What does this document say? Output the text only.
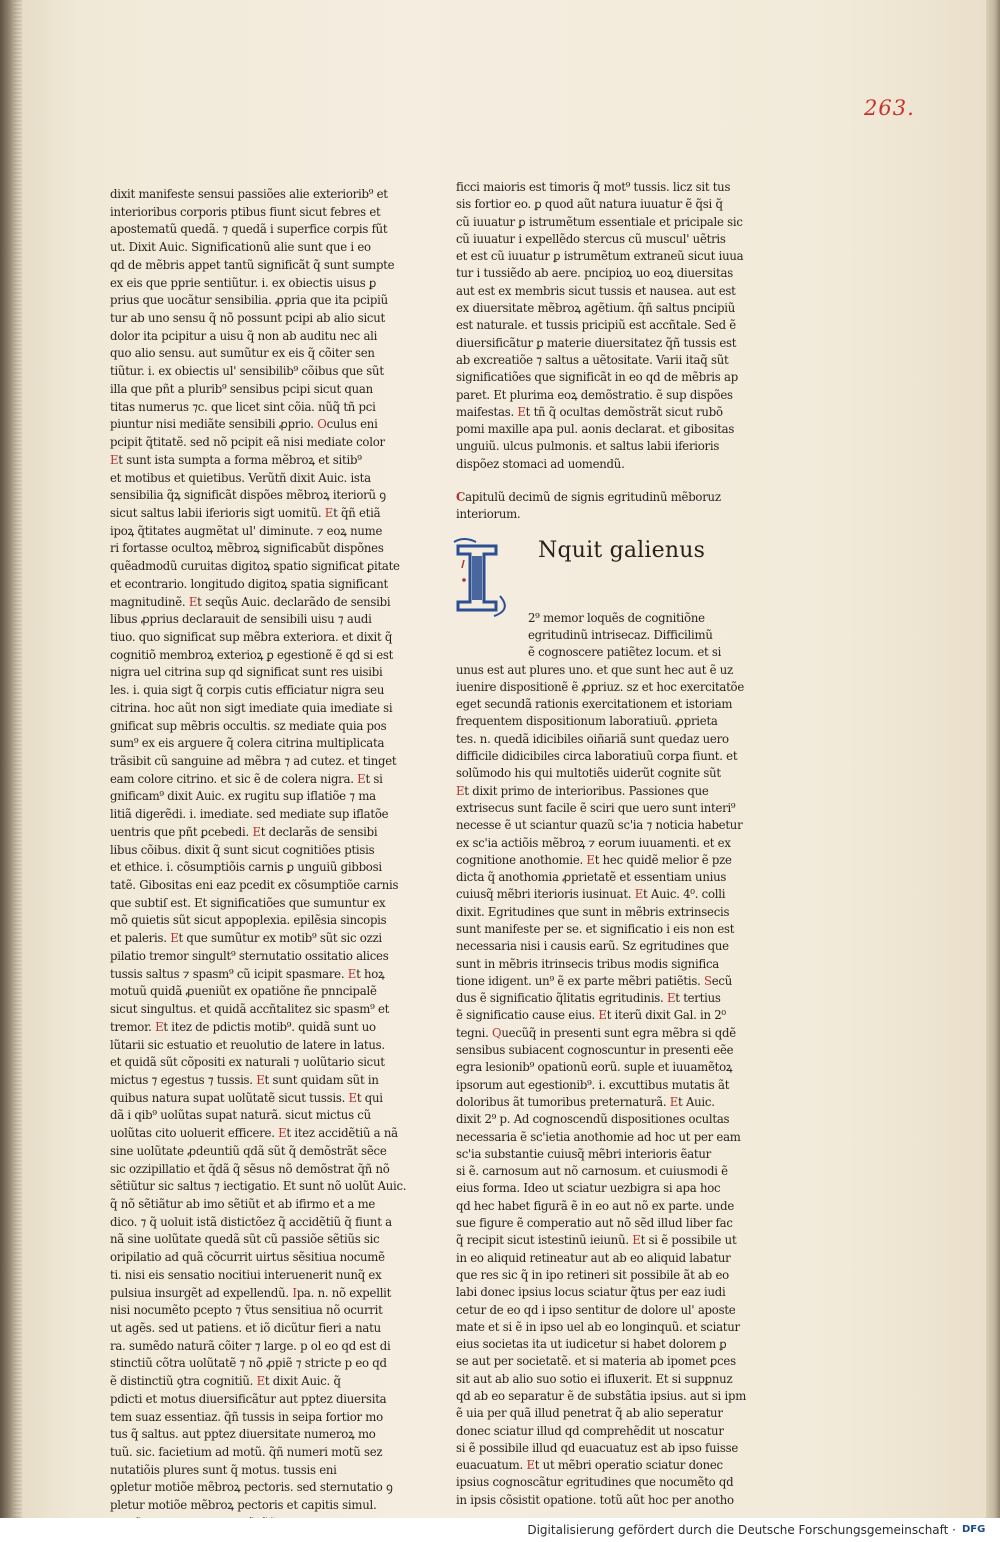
263.
dixit manifeste sensui passiões alie exteriorib⁹ et
interioribus corporis ptibus fiunt sicut febres et
apostematũ quedã. ⁊ quedã i superfice corpis fũt
ut. Dixit Auic. Significationũ alie sunt que i eo
qd de mẽbris appet tantũ significãt q̃ sunt sumpte
ex eis que pprie sentiũtur. i. ex obiectis uisus ꝑ
prius que uocãtur sensibilia. ꝓpria que ita pcipiũ
tur ab uno sensu q̃ nõ possunt pcipi ab alio sicut
dolor ita pcipitur a uisu q̃ non ab auditu nec ali
quo alio sensu. aut sumũtur ex eis q̃ cõiter sen
tiũtur. i. ex obiectis ul' sensibilib⁹ cõibus que sũt
illa que pñt a plurib⁹ sensibus pcipi sicut quan
titas numerus ⁊c. que licet sint cõia. nũq̃ tñ pci
piuntur nisi mediãte sensibili ꝓprio. Oculus eni
pcipit q̃titatẽ. sed nõ pcipit eã nisi mediate color
Et sunt ista sumpta a forma mẽbroꝝ et sitib⁹
et motibus et quietibus. Verũtñ dixit Auic. ista
sensibilia q̃ꝝ significãt dispões mẽbroꝝ iteriorũ ꝯ
sicut saltus labii iferioris sigt uomitũ. Et q̃ñ etiã
ipoꝝ q̃titates augmẽtat ul' diminute. ⁊ eoꝝ nume
ri fortasse ocultoꝝ mẽbroꝝ significabũt dispõnes
quẽadmodũ curuitas digitoꝝ spatio significat ꝑitate
et econtrario. longitudo digitoꝝ spatia significant
magnitudinẽ. Et seqũs Auic. declarãdo de sensibi
libus ꝓprius declarauit de sensibili uisu ⁊ audi
tiuo. quo significat sup mẽbra exteriora. et dixit q̃
cognitiõ membroꝝ exterioꝝ ꝑ egestionẽ ẽ qd si est
nigra uel citrina sup qd significat sunt res uisibi
les. i. quia sigt q̃ corpis cutis efficiatur nigra seu
citrina. hoc aũt non sigt imediate quia imediate si
gnificat sup mẽbris occultis. sz mediate quia pos
sum⁹ ex eis arguere q̃ colera citrina multiplicata
trãsibit cũ sanguine ad mẽbra ⁊ ad cutez. et tinget
eam colore citrino. et sic ẽ de colera nigra. Et si
gnificam⁹ dixit Auic. ex rugitu sup iflatiõe ⁊ ma
litiã digerẽdi. i. imediate. sed mediate sup iflatõe
uentris que pñt ꝑcebedi. Et declarãs de sensibi
libus cõibus. dixit q̃ sunt sicut cognitiões ptisis
et ethice. i. cõsumptiõis carnis ꝑ unguiũ gibbosi
tatẽ. Gibositas eni eaz pcedit ex cõsumptiõe carnis
que subtiſ est. Et significatiões que sumuntur ex
mõ quietis sũt sicut appoplexia. epilẽsia sincopis
et paleris. Et que sumũtur ex motib⁹ sũt sic ozzi
pilatio tremor singult⁹ sternutatio ossitatio alices
tussis saltus ⁊ spasm⁹ cũ icipit spasmare. Et hoꝝ
motuũ quidã ꝓueniũt ex opatiõne ñe pnncipalẽ
sicut singultus. et quidã accñtalitez sic spasm⁹ et
tremor. Et itez de pdictis motib⁹. quidã sunt uo
lũtarii sic estuatio et reuolutio de latere in latus.
et quidã sũt cõpositi ex naturali ⁊ uolũtario sicut
mictus ⁊ egestus ⁊ tussis. Et sunt quidam sũt in
quibus natura supat uolũtatẽ sicut tussis. Et qui
dã i qib⁹ uolũtas supat naturã. sicut mictus cũ
uolũtas cito uoluerit efficere. Et itez accidẽtiũ a nã
sine uolũtate ꝓdeuntiũ qdã sũt q̃ demõstrãt sẽce
sic ozzipillatio et q̃dã q̃ sẽsus nõ demõstrat q̃ñ nõ
sẽtiũtur sic saltus ⁊ iectigatio. Et sunt nõ uolũt Auic.
q̃ nõ sẽtiãtur ab imo sẽtiũt et ab ifirmo et a me
dico. ⁊ q̃ uoluit istã distictõez q̃ accidẽtiũ q̃ fiunt a
nã sine uolũtate quedã sũt cũ passiõe sẽtiũs sic
oripilatio ad quã cõcurrit uirtus sẽsitiua nocumẽ
ti. nisi eis sensatio nocitiui interuenerit nunq̃ ex
pulsiua insurgẽt ad expellendũ. Ipa. n. nõ expellit
nisi nocumẽto pcepto ⁊ ṽtus sensitiua nõ ocurrit
ut agẽs. sed ut patiens. et iõ dicũtur fieri a natu
ra. sumẽdo naturã cõiter ⁊ large. p ol eo qd est di
stinctiũ cõtra uolũtatẽ ⁊ nõ ꝓpiẽ ⁊ stricte p eo qd
ẽ distinctiũ ꝯtra cognitiũ. Et dixit Auic. q̃
pdicti et motus diuersificãtur aut pptez diuersita
tem suaz essentiaz. q̃ñ tussis in seipa fortior mo
tus q̃ saltus. aut pptez diuersitate numeroꝝ mo
tuũ. sic. facietium ad motũ. q̃ñ numeri motũ sez
nutatiõis plures sunt q̃ motus. tussis eni
ꝯpletur motiõe mẽbroꝝ pectoris. sed sternutatio ꝯ
pletur motiõe mẽbroꝝ pectoris et capitis simul.
ficci maioris est timoris q̃ mot⁹ tussis. licz sit tus
sis fortior eo. ꝑ quod aũt natura iuuatur ẽ q̃si q̃
cũ iuuatur ꝑ istrumẽtum essentiale et pricipale sic
cũ iuuatur i expellẽdo stercus cũ muscul' uẽtris
et est cũ iuuatur ꝑ istrumẽtum extraneũ sicut iuua
tur i tussiẽdo ab aere. pncipioꝝ uo eoꝝ diuersitas
aut est ex membris sicut tussis et nausea. aut est
ex diuersitate mẽbroꝝ agẽtium. q̃ñ saltus pncipiũ
est naturale. et tussis pricipiũ est accñtale. Sed ẽ
diuersificãtur ꝑ materie diuersitatez q̃ñ tussis est
ab excreatiõe ⁊ saltus a uẽtositate. Varii itaq̃ sũt
significatiões que significãt in eo qd de mẽbris ap
paret. Et plurima eoꝝ demõstratio. ẽ sup dispões
maifestas. Et tñ q̃ ocultas demõstrãt sicut rubõ
pomi maxille apa pul. aonis declarat. et gibositas
unguiũ. ulcus pulmonis. et saltus labii iferioris
dispõez stomaci ad uomendũ.
Capitulũ decimũ de signis egritudinũ mẽboruz
interiorum.
Nquit galienus
2⁹ memor loquẽs de cognitiõne
egritudinũ intrisecaz. Difficilimũ
ẽ cognoscere patiẽtez locum. et si
unus est aut plures uno. et que sunt hec aut ẽ uz
iuenire dispositionẽ ẽ ꝓpriuz. sz et hoc exercitatõe
eget secundã rationis exercitationem et istoriam
frequentem dispositionum laboratiuũ. ꝓprieta
tes. n. quedã idicibiles oiñariã sunt quedaz uero
difficile didicibiles circa laboratiuũ corꝑa fiunt. et
solũmodo his qui multotiẽs uiderũt cognite sũt
Et dixit primo de interioribus. Passiones que
extrisecus sunt facile ẽ sciri que uero sunt interi⁹
necesse ẽ ut sciantur quazũ sc'ia ⁊ noticia habetur
ex sc'ia actiõis mẽbroꝝ ⁊ eorum iuuamenti. et ex
cognitione anothomie. Et hec quidẽ melior ẽ pze
dicta q̃ anothomia ꝓprietatẽ et essentiam unius
cuiusq̃ mẽbri iterioris iusinuat. Et Auic. 4⁰. colli
dixit. Egritudines que sunt in mẽbris extrinsecis
sunt manifeste per se. et significatio i eis non est
necessaria nisi i causis earũ. Sz egritudines que
sunt in mẽbris itrinsecis tribus modis significa
tione idigent. un⁹ ẽ ex parte mẽbri patiẽtis. Secũ
dus ẽ significatio q̃litatis egritudinis. Et tertius
ẽ significatio cause eius. Et iterũ dixit Gal. in 2⁰
tegni. Quecũq̃ in presenti sunt egra mẽbra si qdẽ
sensibus subiacent cognoscuntur in presenti eẽe
egra lesionib⁹ opationũ eorũ. suple et iuuamẽtoꝝ
ipsorum aut egestionib⁹. i. excuttibus mutatis ãt
doloribus ãt tumoribus preternaturã. Et Auic.
dixit 2⁹ p. Ad cognoscendũ dispositiones ocultas
necessaria ẽ sc'ietia anothomie ad hoc ut per eam
sc'ia substantie cuiusq̃ mẽbri interioris ẽatur
si ẽ. carnosum aut nõ carnosum. et cuiusmodi ẽ
eius forma. Ideo ut sciatur uezbigra si apa hoc
qd hec habet figurã ẽ in eo aut nõ ex parte. unde
sue figure ẽ comperatio aut nõ sẽd illud liber fac
q̃ recipit sicut istestinũ ieiunũ. Et si ẽ possibile ut
in eo aliquid retineatur aut ab eo aliquid labatur
que res sic q̃ in ipo retineri sit possibile ãt ab eo
labi donec ipsius locus sciatur q̃tus per eaz iudi
cetur de eo qd i ipso sentitur de dolore ul' aposte
mate et si ẽ in ipso uel ab eo longinquũ. et sciatur
eius societas ita ut iudicetur si habet dolorem ꝑ
se aut per societatẽ. et si materia ab ipomet ꝑces
sit aut ab alio suo sotio ei ifluxerit. Et si supꝑnuz
qd ab eo separatur ẽ de substãtia ipsius. aut si ipm
ẽ uia per quã illud penetrat q̃ ab alio seperatur
donec sciatur illud qd comprehẽdit ut noscatur
si ẽ possibile illud qd euacuatuz est ab ipso fuisse
euacuatum. Et ut mẽbri operatio sciatur donec
ipsius cognoscãtur egritudines que nocumẽto qd
in ipsis cõsistit opatione. totũ aũt hoc per anotho
Digitalisierung gefördert durch die Deutsche Forschungsgemeinschaft · DFG
